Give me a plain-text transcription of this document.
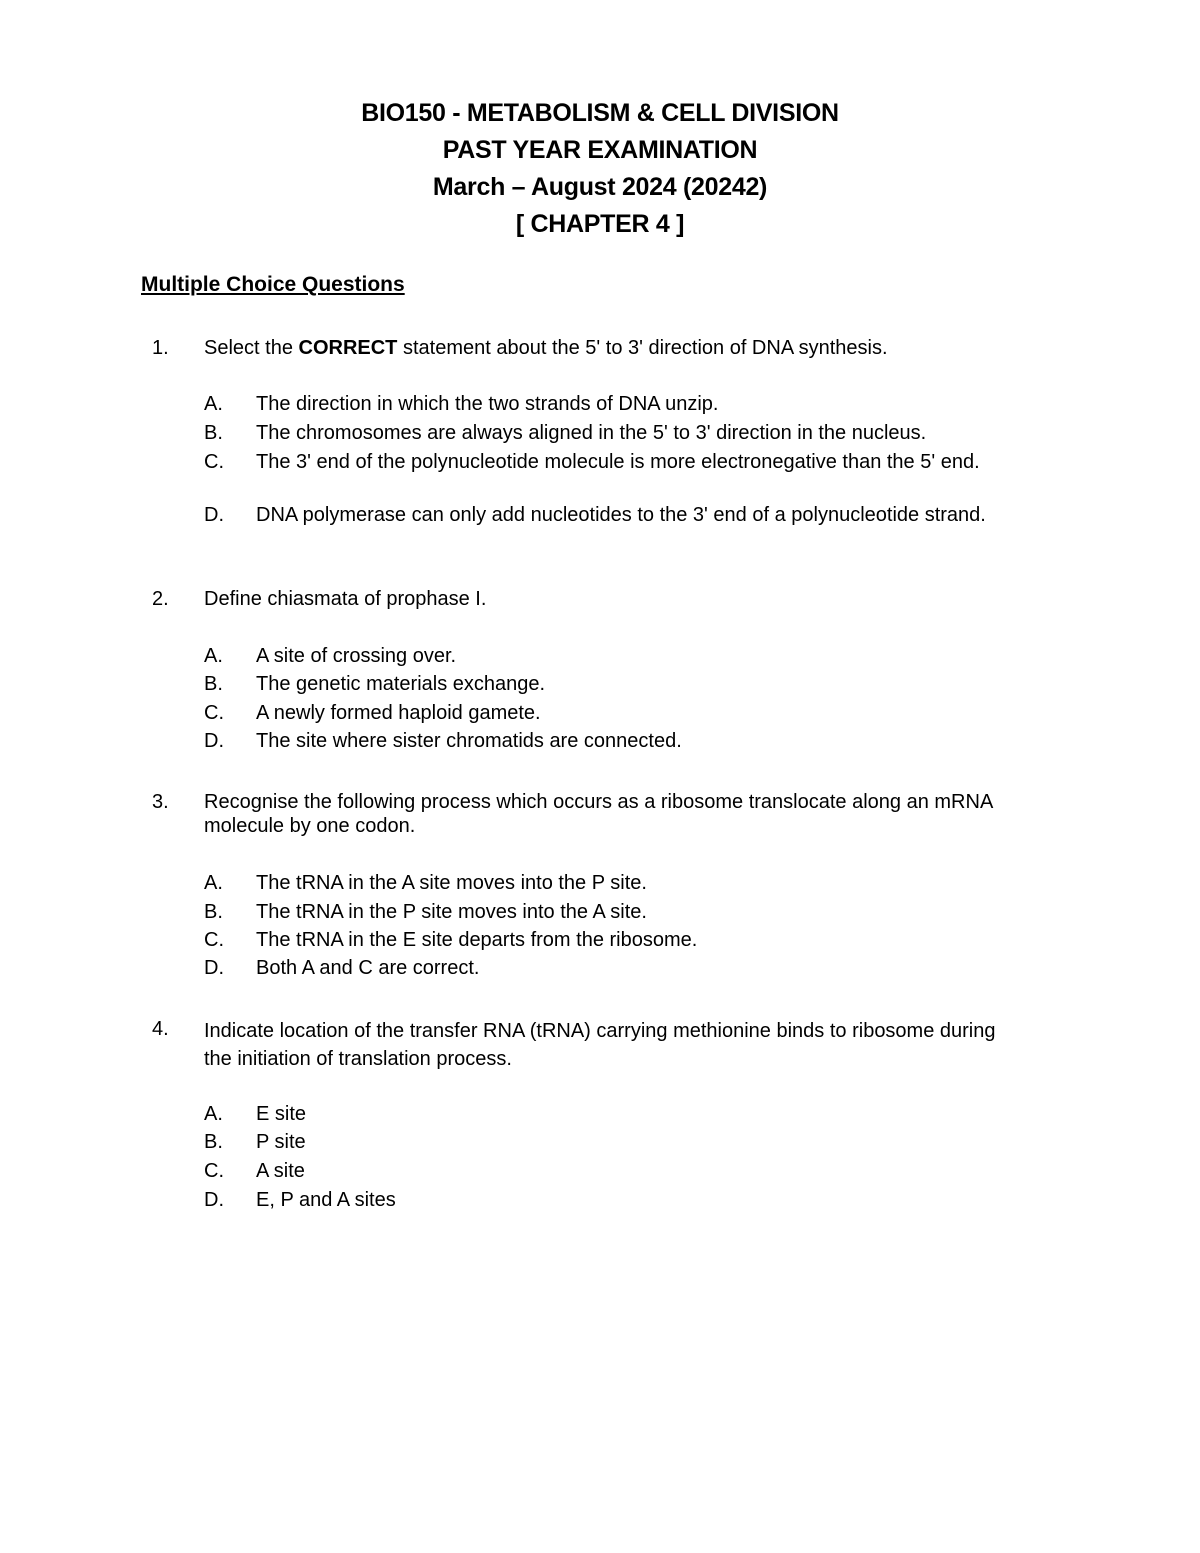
BIO150 - METABOLISM & CELL DIVISION
PAST YEAR EXAMINATION
March – August 2024 (20242)
[ CHAPTER 4 ]
Multiple Choice Questions
1. Select the CORRECT statement about the 5' to 3' direction of DNA synthesis.
A. The direction in which the two strands of DNA unzip.
B. The chromosomes are always aligned in the 5' to 3' direction in the nucleus.
C. The 3' end of the polynucleotide molecule is more electronegative than the 5' end.
D. DNA polymerase can only add nucleotides to the 3' end of a polynucleotide strand.
2. Define chiasmata of prophase I.
A. A site of crossing over.
B. The genetic materials exchange.
C. A newly formed haploid gamete.
D. The site where sister chromatids are connected.
3. Recognise the following process which occurs as a ribosome translocate along an mRNA molecule by one codon.
A. The tRNA in the A site moves into the P site.
B. The tRNA in the P site moves into the A site.
C. The tRNA in the E site departs from the ribosome.
D. Both A and C are correct.
4. Indicate location of the transfer RNA (tRNA) carrying methionine binds to ribosome during the initiation of translation process.
A. E site
B. P site
C. A site
D. E, P and A sites
